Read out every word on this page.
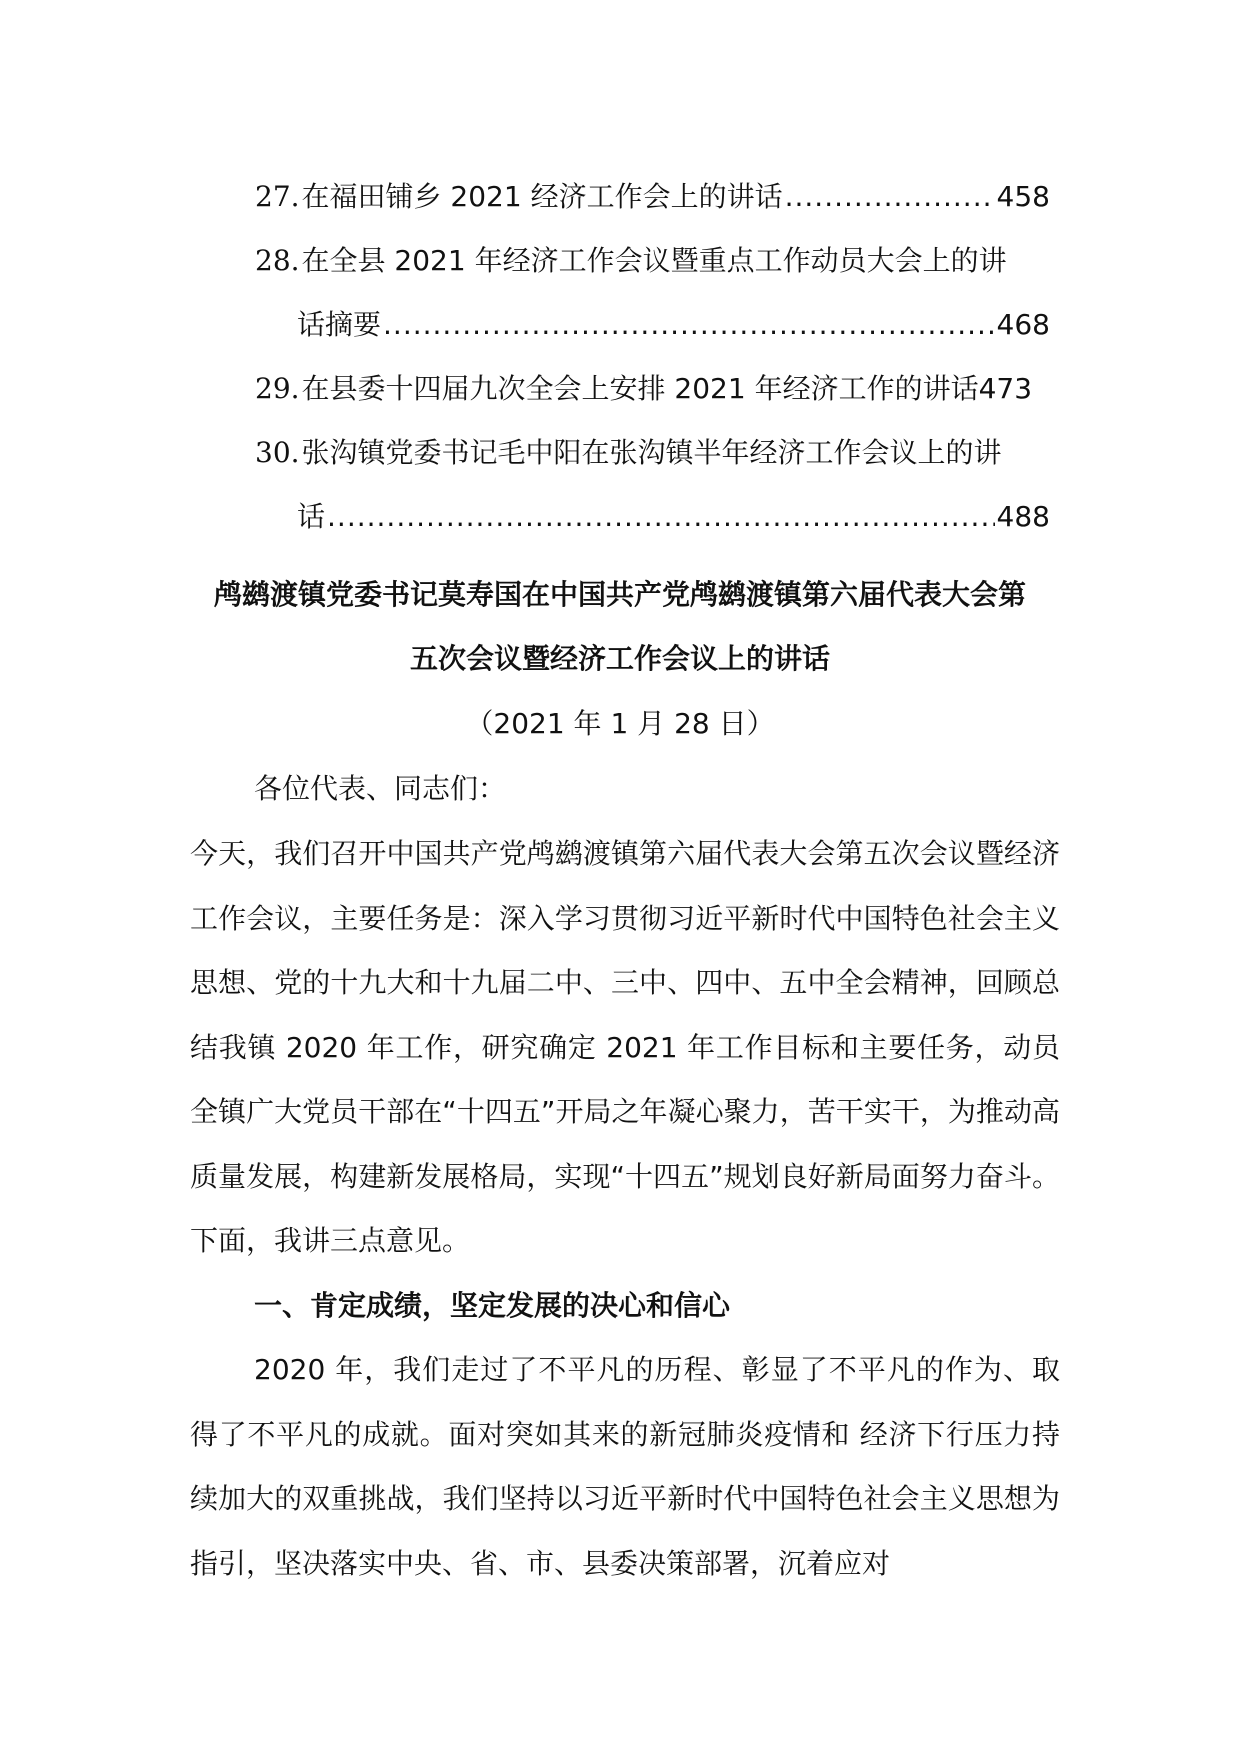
27. 在福田铺乡 2021 经济工作会上的讲话 .....	458
28. 在全县 2021 年经济工作会议暨重点工作动员大会上的讲
话摘要 .....	468
29. 在县委十四届九次全会上安排 2021 年经济工作的讲话473
30. 张沟镇党委书记毛中阳在张沟镇半年经济工作会议上的讲
话 .....	488
鸬鹚渡镇党委书记莫寿国在中国共产党鸬鹚渡镇第六届代表大会第
五次会议暨经济工作会议上的讲话
（2021 年 1 月 28 日）

各位代表、同志们：

今天，我们召开中国共产党鸬鹚渡镇第六届代表大会第五次会议暨经济工作会议，主要任务是：深入学习贯彻习近平新时代中国特色社会主义思想、党的十九大和十九届二中、三中、四中、五中全会精神，回顾总结我镇 2020 年工作，研究确定 2021 年工作目标和主要任务，动员全镇广大党员干部在“十四五”开局之年凝心聚力，苦干实干，为推动高质量发展，构建新发展格局，实现“十四五”规划良好新局面努力奋斗。下面，我讲三点意见。

一、肯定成绩，坚定发展的决心和信心

2020 年，我们走过了不平凡的历程、彰显了不平凡的作为、取得了不平凡的成就。面对突如其来的新冠肺炎疫情和 经济下行压力持续加大的双重挑战，我们坚持以习近平新时代中国特色社会主义思想为指引，坚决落实中央、省、市、县委决策部署，沉着应对
